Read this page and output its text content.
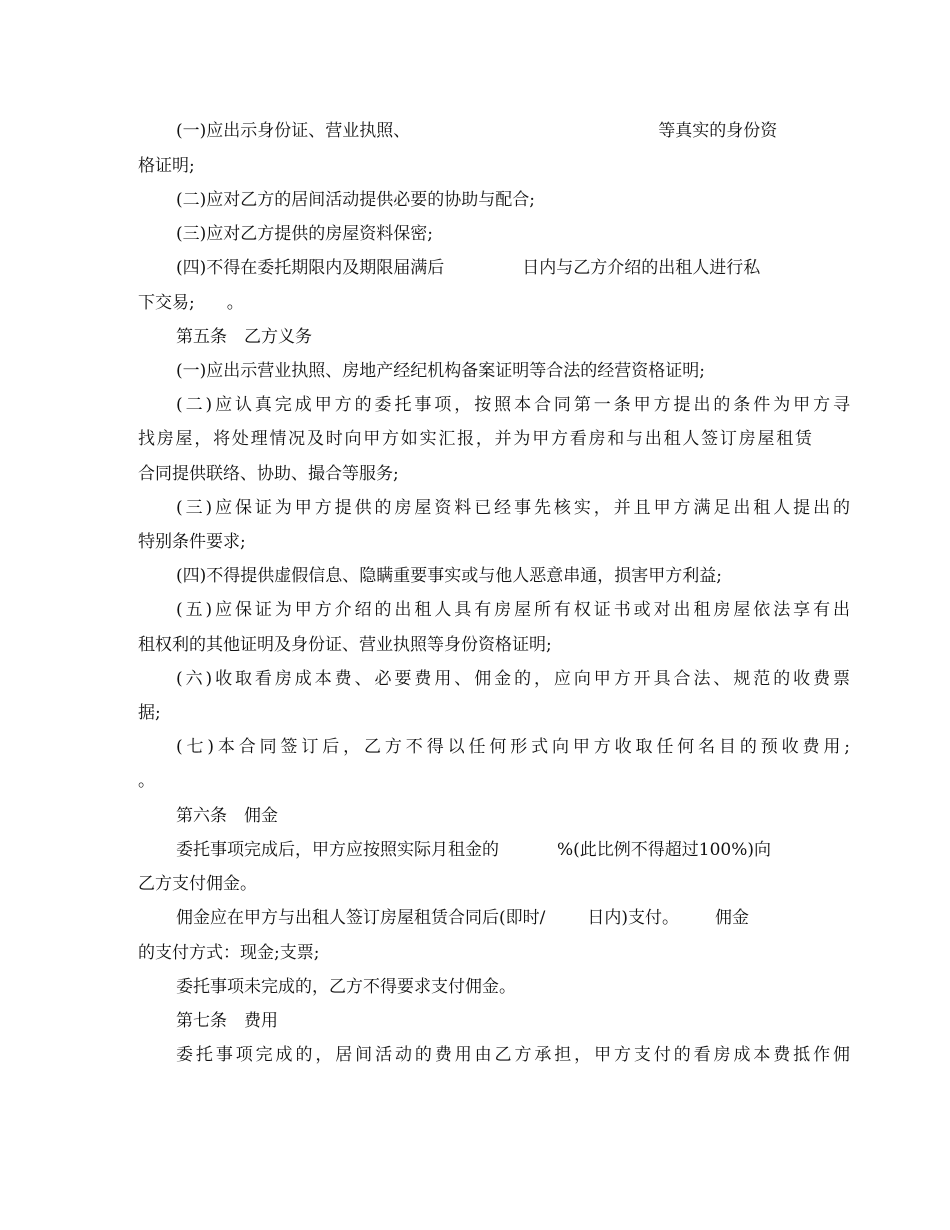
(一)应出示身份证、营业执照、	等真实的身份资
格证明;
(二)应对乙方的居间活动提供必要的协助与配合;
(三)应对乙方提供的房屋资料保密;
(四)不得在委托期限内及期限届满后	日内与乙方介绍的出租人进行私
下交易; 。
第五条　乙方义务
(一)应出示营业执照、房地产经纪机构备案证明等合法的经营资格证明;
(二)应认真完成甲方的委托事项，按照本合同第一条甲方提出的条件为甲方寻
找房屋，将处理情况及时向甲方如实汇报，并为甲方看房和与出租人签订房屋租赁
合同提供联络、协助、撮合等服务;
(三)应保证为甲方提供的房屋资料已经事先核实，并且甲方满足出租人提出的
特别条件要求;
(四)不得提供虚假信息、隐瞒重要事实或与他人恶意串通，损害甲方利益;
(五)应保证为甲方介绍的出租人具有房屋所有权证书或对出租房屋依法享有出
租权利的其他证明及身份证、营业执照等身份资格证明;
(六)收取看房成本费、必要费用、佣金的，应向甲方开具合法、规范的收费票
据;
(七)本合同签订后，乙方不得以任何形式向甲方收取任何名目的预收费用;
。
第六条　佣金
委托事项完成后，甲方应按照实际月租金的	%(此比例不得超过100%)向
乙方支付佣金。
佣金应在甲方与出租人签订房屋租赁合同后(即时/ 日内)支付。 佣金
的支付方式：现金;支票;
委托事项未完成的，乙方不得要求支付佣金。
第七条　费用
委托事项完成的，居间活动的费用由乙方承担，甲方支付的看房成本费抵作佣
